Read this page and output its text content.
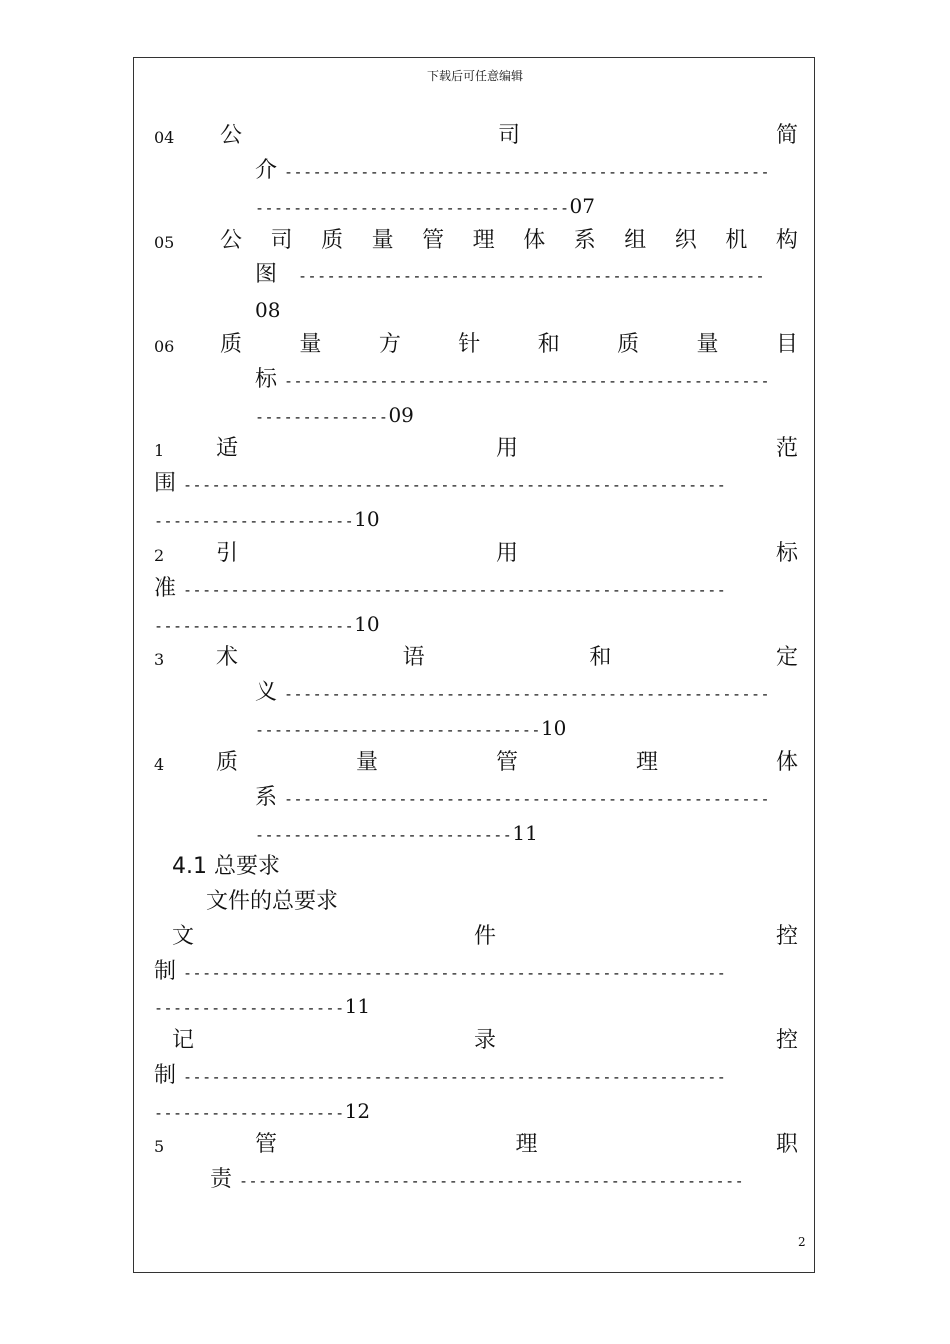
下载后可任意编辑
04 公	司	简
介 ---------------------------------------------------
---------------------------------07
05 公 司 质 量 管 理 体 系 组 织 机 构
图 -------------------------------------------------
08
06 质	量	方	针	和	质	量	目
标 ---------------------------------------------------
--------------09
1 适	用	范
围 ---------------------------------------------------------
---------------------10
2 引	用	标
准 ---------------------------------------------------------
---------------------10
3 术	语	和	定
义 ---------------------------------------------------
------------------------------10
4 质	量	管	理	体
系 ---------------------------------------------------
---------------------------11
4.1 总要求
文件的总要求
文	件	控
制 ---------------------------------------------------------
--------------------11
记	录	控
制 ---------------------------------------------------------
--------------------12
5	管	理	职
责 -----------------------------------------------------
2
